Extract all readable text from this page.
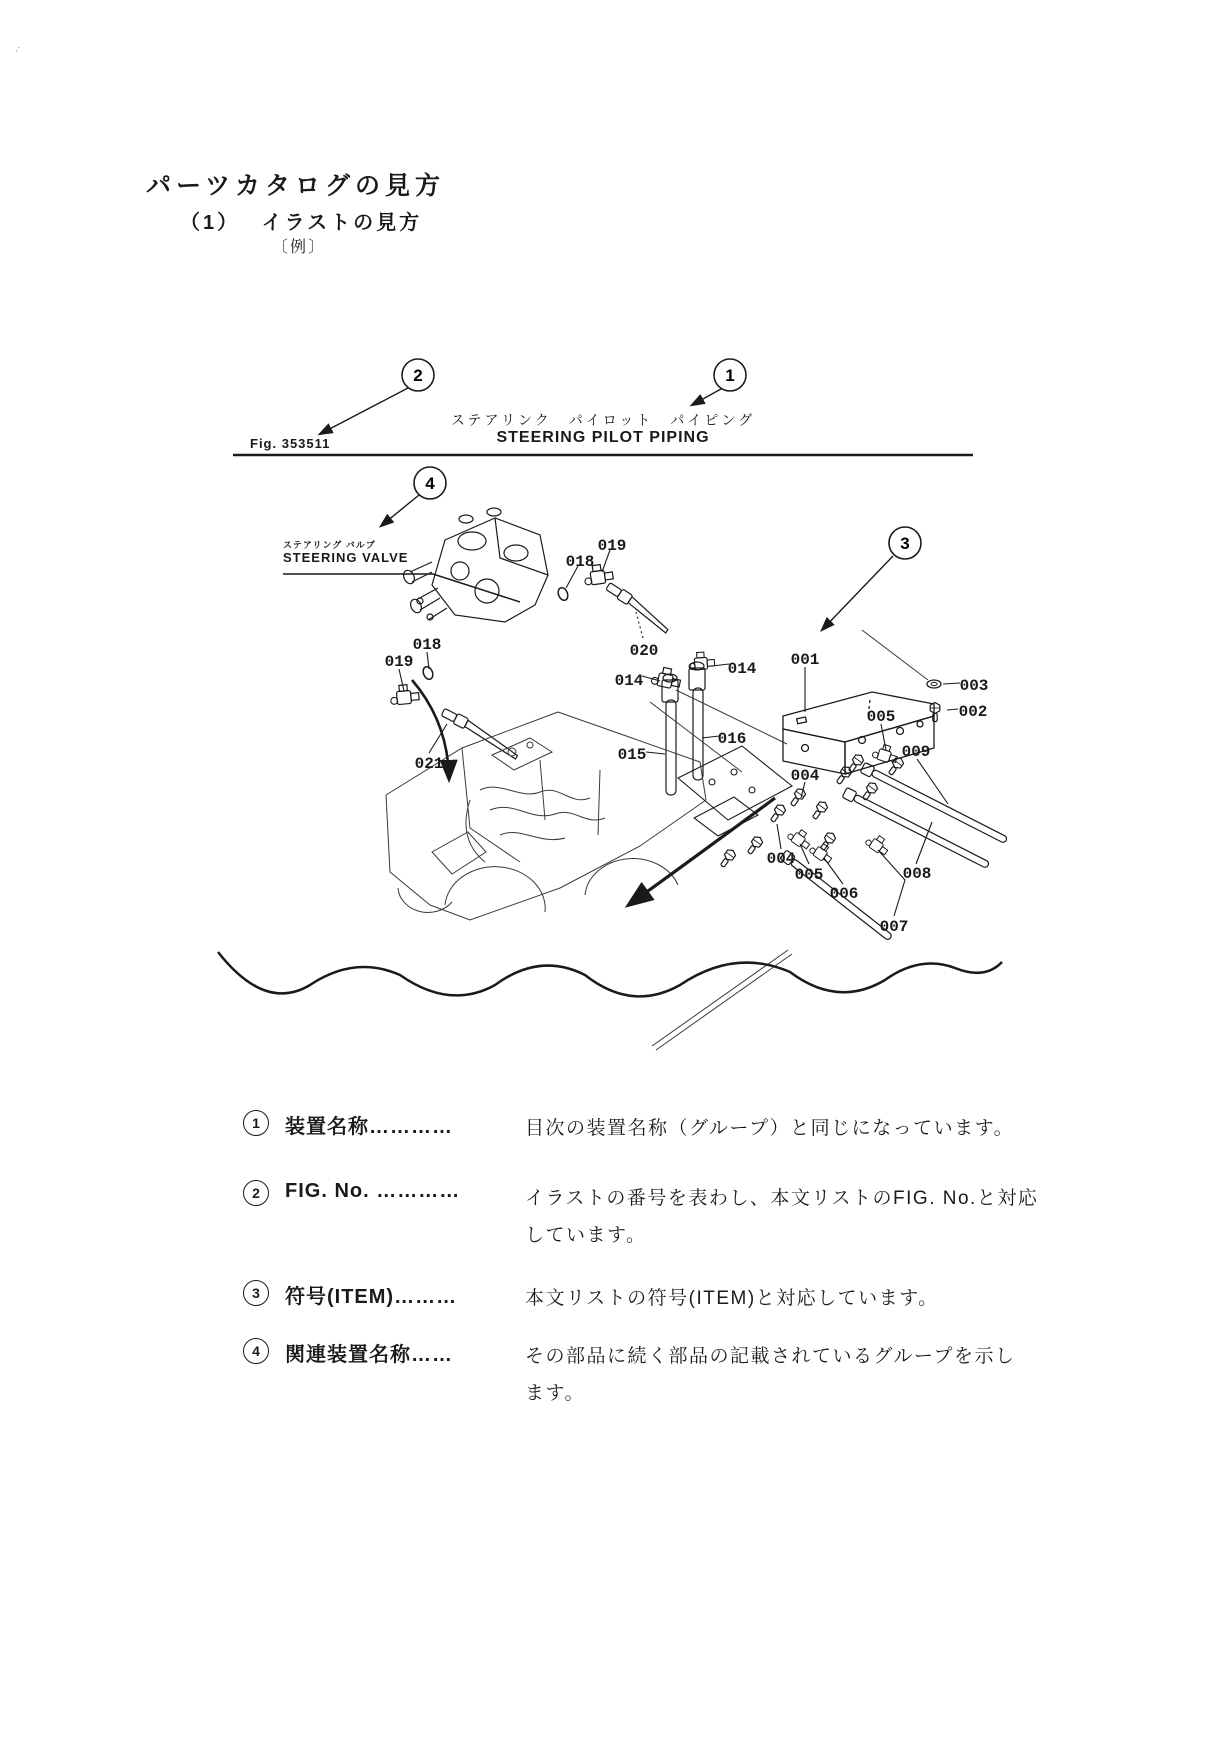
.·
パーツカタログの見方
（1）　 イラストの見方
〔例〕
ステアリンク　パイロット　パイピング
STEERING PILOT PIPING
Fig. 353511
ステアリング バルブ
STEERING VALVE
1
2
3
4
019
018
020
014
014 001
003
002
005
009
016
015
018
019
021
004
004
005
006
008
007
1	装置名称…………	目次の装置名称（グループ）と同じになっています。
2	FIG. No. …………	イラストの番号を表わし、本文リストのFIG. No.と対応
しています。
3	符号(ITEM)………	本文リストの符号(ITEM)と対応しています。
4	関連装置名称……	その部品に続く部品の記載されているグループを示し
ます。
